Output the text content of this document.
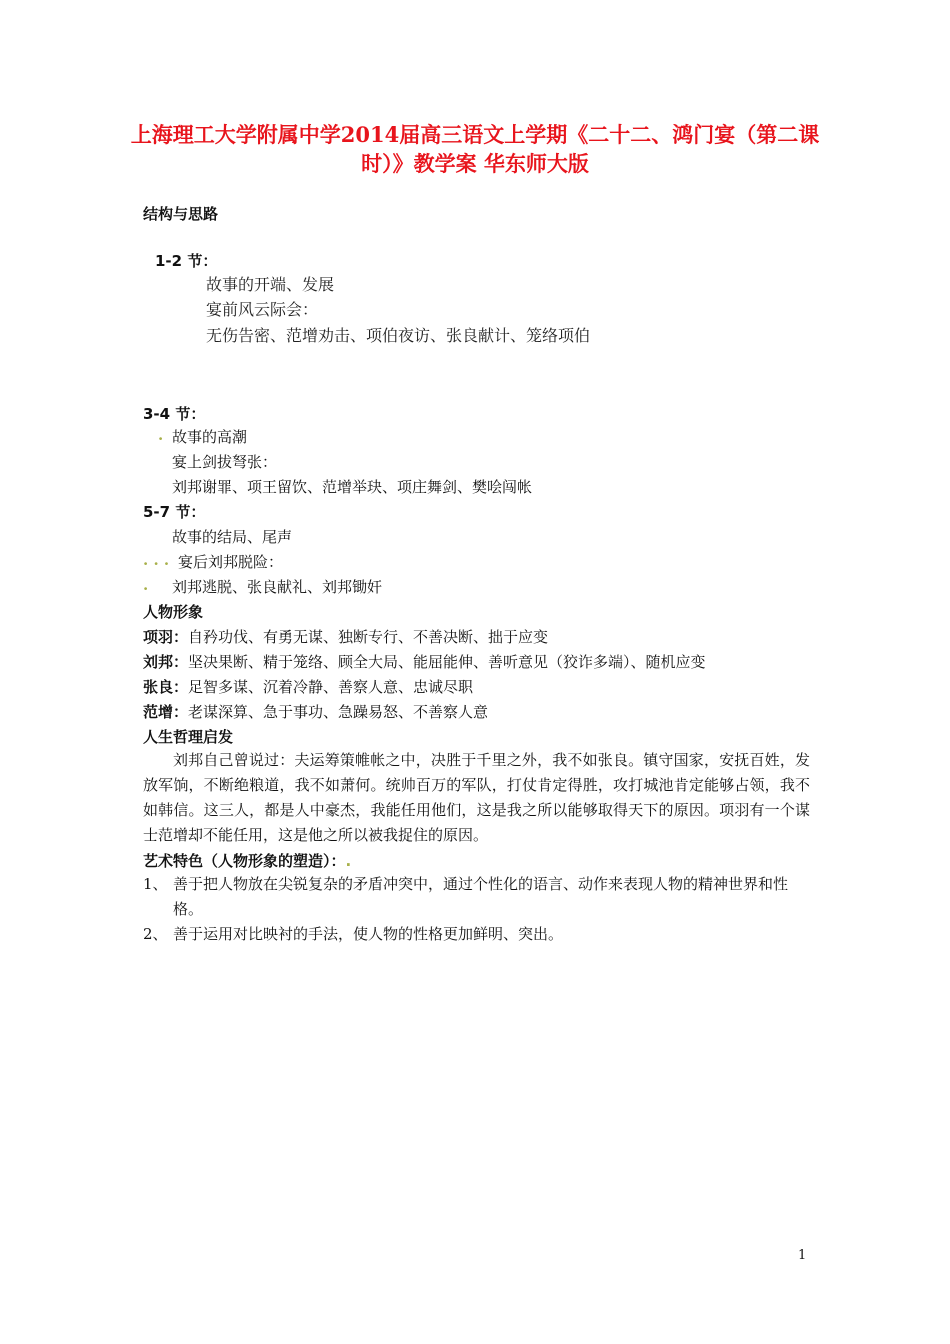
上海理工大学附属中学2014届高三语文上学期《二十二、鸿门宴（第二课时）》教学案 华东师大版
结构与思路
1-2 节：
故事的开端、发展
宴前风云际会：
无伤告密、范增劝击、项伯夜访、张良献计、笼络项伯
3-4 节：
. 故事的高潮
宴上剑拔弩张：
刘邦谢罪、项王留饮、范增举玦、项庄舞剑、樊哙闯帐
5-7 节：
故事的结局、尾声
. . . 宴后刘邦脱险：
. 刘邦逃脱、张良献礼、刘邦锄奸
人物形象
项羽：自矜功伐、有勇无谋、独断专行、不善决断、拙于应变
刘邦：坚决果断、精于笼络、顾全大局、能屈能伸、善听意见（狡诈多端）、随机应变
张良：足智多谋、沉着冷静、善察人意、忠诚尽职
范增：老谋深算、急于事功、急躁易怒、不善察人意
人生哲理启发
刘邦自己曾说过：夫运筹策帷帐之中，决胜于千里之外，我不如张良。镇守国家，安抚百姓，发放军饷，不断绝粮道，我不如萧何。统帅百万的军队，打仗肯定得胜，攻打城池肯定能够占领，我不如韩信。这三人，都是人中豪杰，我能任用他们，这是我之所以能够取得天下的原因。项羽有一个谋士范增却不能任用，这是他之所以被我捉住的原因。
艺术特色（人物形象的塑造）：.
1、 善于把人物放在尖锐复杂的矛盾冲突中，通过个性化的语言、动作来表现人物的精神世界和性格。
2、 善于运用对比映衬的手法，使人物的性格更加鲜明、突出。
1
